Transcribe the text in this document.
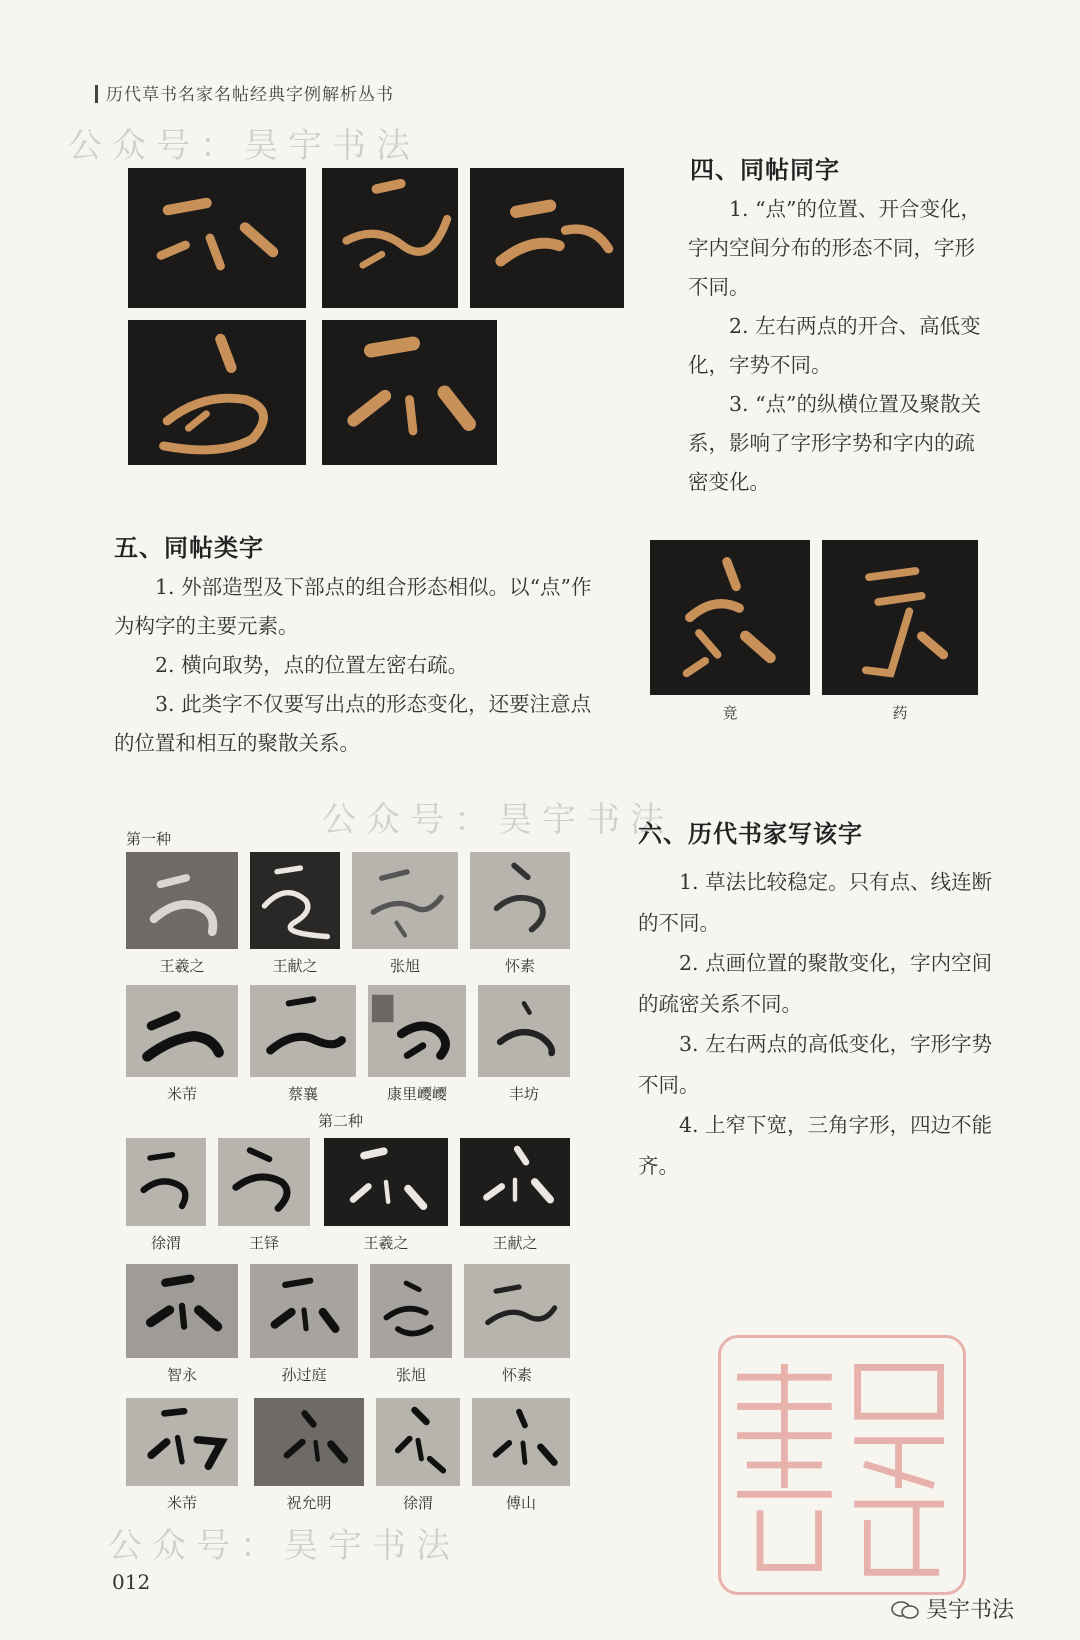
历代草书名家名帖经典字例解析丛书
公众号：昊宇书法
公众号：昊宇书法
公众号：昊宇书法
四、同帖同字

1. “点”的位置、开合变化，字内空间分布的形态不同，字形不同。

2. 左右两点的开合、高低变化，字势不同。

3. “点”的纵横位置及聚散关系，影响了字形字势和字内的疏密变化。

五、同帖类字

1. 外部造型及下部点的组合形态相似。以“点”作为构字的主要元素。

2. 横向取势，点的位置左密右疏。

3. 此类字不仅要写出点的形态变化，还要注意点的位置和相互的聚散关系。

竟	药
六、历代书家写该字

1. 草法比较稳定。只有点、线连断的不同。

2. 点画位置的聚散变化，字内空间的疏密关系不同。

3. 左右两点的高低变化，字形字势不同。

4. 上窄下宽，三角字形，四边不能齐。

第一种
王羲之	王献之	张旭	怀素
米芾	蔡襄	康里巎巎	丰坊
第二种
徐渭	王铎	王羲之	王献之
智永	孙过庭	张旭	怀素
米芾	祝允明	徐渭	傅山
012
昊宇书法
